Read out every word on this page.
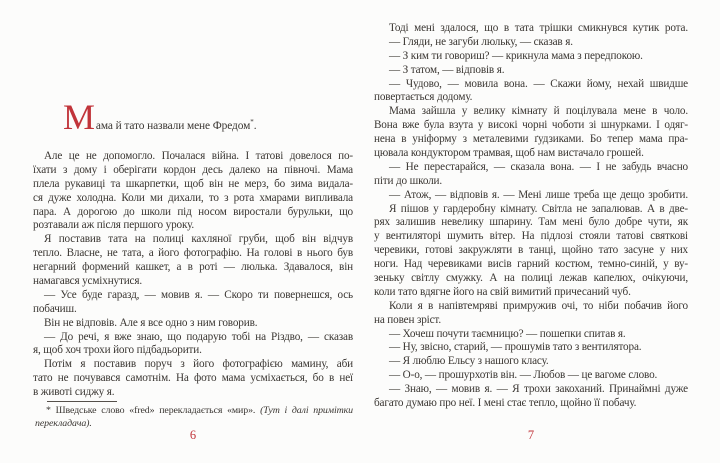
Мама й тато назвали мене Фредом*.
Але це не допомогло. Почалася війна. І татові довелося по-
їхати з дому і оберігати кордон десь далеко на півночі. Мама
плела рукавиці та шкарпетки, щоб він не мерз, бо зима видала-
ся дуже холодна. Коли ми дихали, то з рота хмарами випливала
пара. А дорогою до школи під носом виростали бурульки, що
розтавали аж після першого уроку.
Я поставив тата на полиці кахляної груби, щоб він відчув
тепло. Власне, не тата, а його фотографію. На голові в нього був
негарний формений кашкет, а в роті — люлька. Здавалося, він
намагався усміхнутися.
— Усе буде гаразд, — мовив я. — Скоро ти повернешся, ось
побачиш.
Він не відповів. Але я все одно з ним говорив.
— До речі, я вже знаю, що подарую тобі на Різдво, — сказав
я, щоб хоч трохи його підбадьорити.
Потім я поставив поруч з його фотографією мамину, аби
тато не почувався самотнім. На фото мама усміхається, бо в неї
в животі сиджу я.
* Шведське слово «fred» перекладається «мир». (Тут і далі примітки
перекладача).
6
Тоді мені здалося, що в тата трішки смикнувся кутик рота.
— Гляди, не загуби люльку, — сказав я.
— З ким ти говориш? — крикнула мама з передпокою.
— З татом, — відповів я.
— Чудово, — мовила вона. — Скажи йому, нехай швидше
повертається додому.
Мама зайшла у велику кімнату й поцілувала мене в чоло.
Вона вже була взута у високі чорні чоботи зі шнурками. І одяг-
нена в уніформу з металевими ґудзиками. Бо тепер мама пра-
цювала кондуктором трамвая, щоб нам вистачало грошей.
— Не перестарайся, — сказала вона. — І не забудь вчасно
піти до школи.
— Атож, — відповів я. — Мені лише треба ще дещо зробити.
Я пішов у гардеробну кімнату. Світла не запалював. А в две-
рях залишив невелику шпарину. Там мені було добре чути, як
у вентиляторі шумить вітер. На підлозі стояли татові святкові
черевики, готові закружляти в танці, щойно тато засуне у них
ноги. Над черевиками висів гарний костюм, темно-синій, у ву-
зеньку світлу смужку. А на полиці лежав капелюх, очікуючи,
коли тато вдягне його на свій вимитий причесаний чуб.
Коли я в напівтемряві примружив очі, то ніби побачив його
на повен зріст.
— Хочеш почути таємницю? — пошепки спитав я.
— Ну, звісно, старий, — прошумів тато з вентилятора.
— Я люблю Ельсу з нашого класу.
— О-о, — прошурхотів він. — Любов — це вагоме слово.
— Знаю, — мовив я. — Я трохи закоханий. Принаймні дуже
багато думаю про неї. І мені стає тепло, щойно її побачу.
7
